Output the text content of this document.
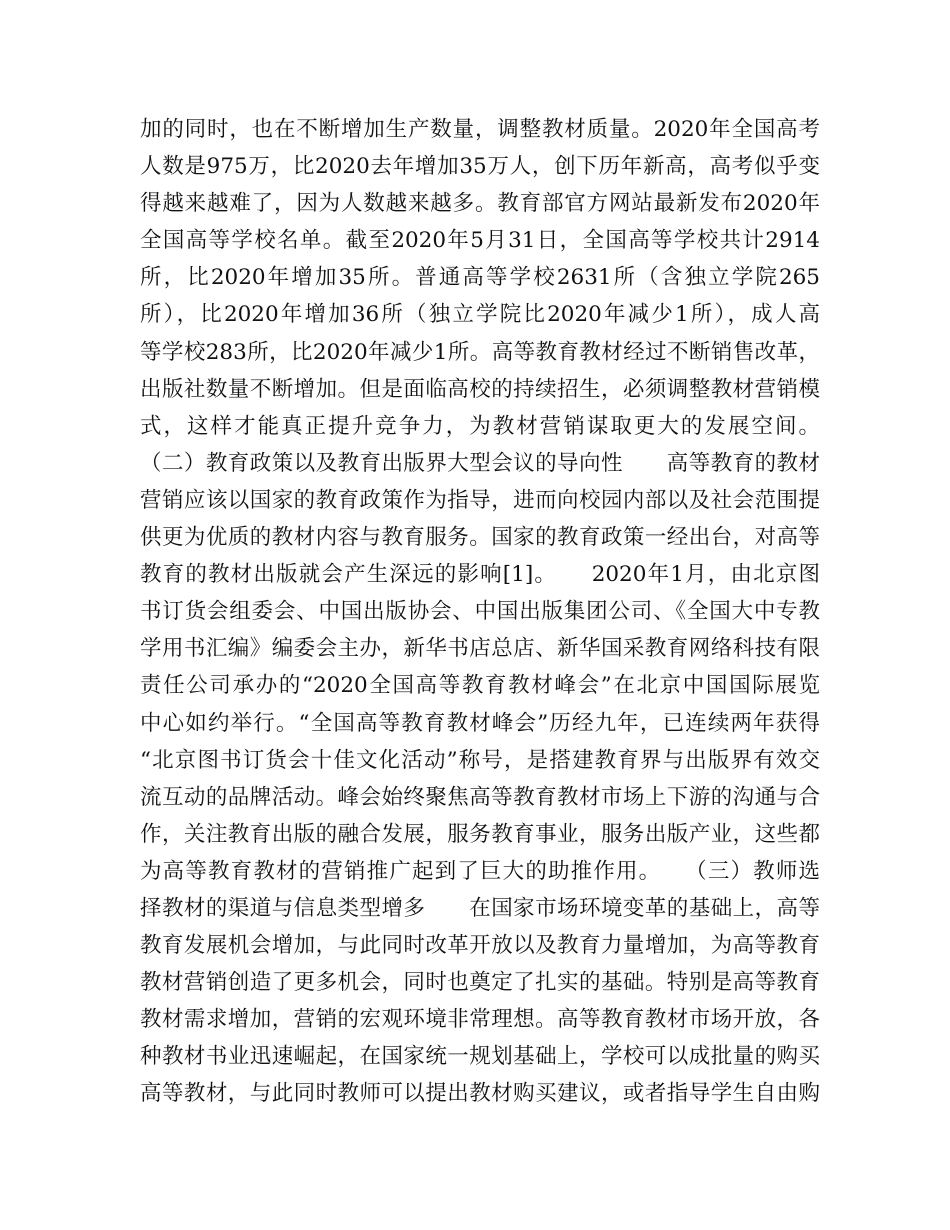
加的同时，也在不断增加生产数量，调整教材质量。2020年全国高考
人数是975万，比2020去年增加35万人，创下历年新高，高考似乎变
得越来越难了，因为人数越来越多。教育部官方网站最新发布2020年
全国高等学校名单。截至2020年5月31日，全国高等学校共计2914
所，比2020年增加35所。普通高等学校2631所（含独立学院265
所），比2020年增加36所（独立学院比2020年减少1所），成人高
等学校283所，比2020年减少1所。高等教育教材经过不断销售改革，
出版社数量不断增加。但是面临高校的持续招生，必须调整教材营销模
式，这样才能真正提升竞争力，为教材营销谋取更大的发展空间。
（二）教育政策以及教育出版界大型会议的导向性　　高等教育的教材
营销应该以国家的教育政策作为指导，进而向校园内部以及社会范围提
供更为优质的教材内容与教育服务。国家的教育政策一经出台，对高等
教育的教材出版就会产生深远的影响[1]。　　2020年1月，由北京图
书订货会组委会、中国出版协会、中国出版集团公司、《全国大中专教
学用书汇编》编委会主办，新华书店总店、新华国采教育网络科技有限
责任公司承办的“2020全国高等教育教材峰会”在北京中国国际展览
中心如约举行。“全国高等教育教材峰会”历经九年，已连续两年获得
“北京图书订货会十佳文化活动”称号，是搭建教育界与出版界有效交
流互动的品牌活动。峰会始终聚焦高等教育教材市场上下游的沟通与合
作，关注教育出版的融合发展，服务教育事业，服务出版产业，这些都
为高等教育教材的营销推广起到了巨大的助推作用。　　（三）教师选
择教材的渠道与信息类型增多　　在国家市场环境变革的基础上，高等
教育发展机会增加，与此同时改革开放以及教育力量增加，为高等教育
教材营销创造了更多机会，同时也奠定了扎实的基础。特别是高等教育
教材需求增加，营销的宏观环境非常理想。高等教育教材市场开放，各
种教材书业迅速崛起，在国家统一规划基础上，学校可以成批量的购买
高等教材，与此同时教师可以提出教材购买建议，或者指导学生自由购
